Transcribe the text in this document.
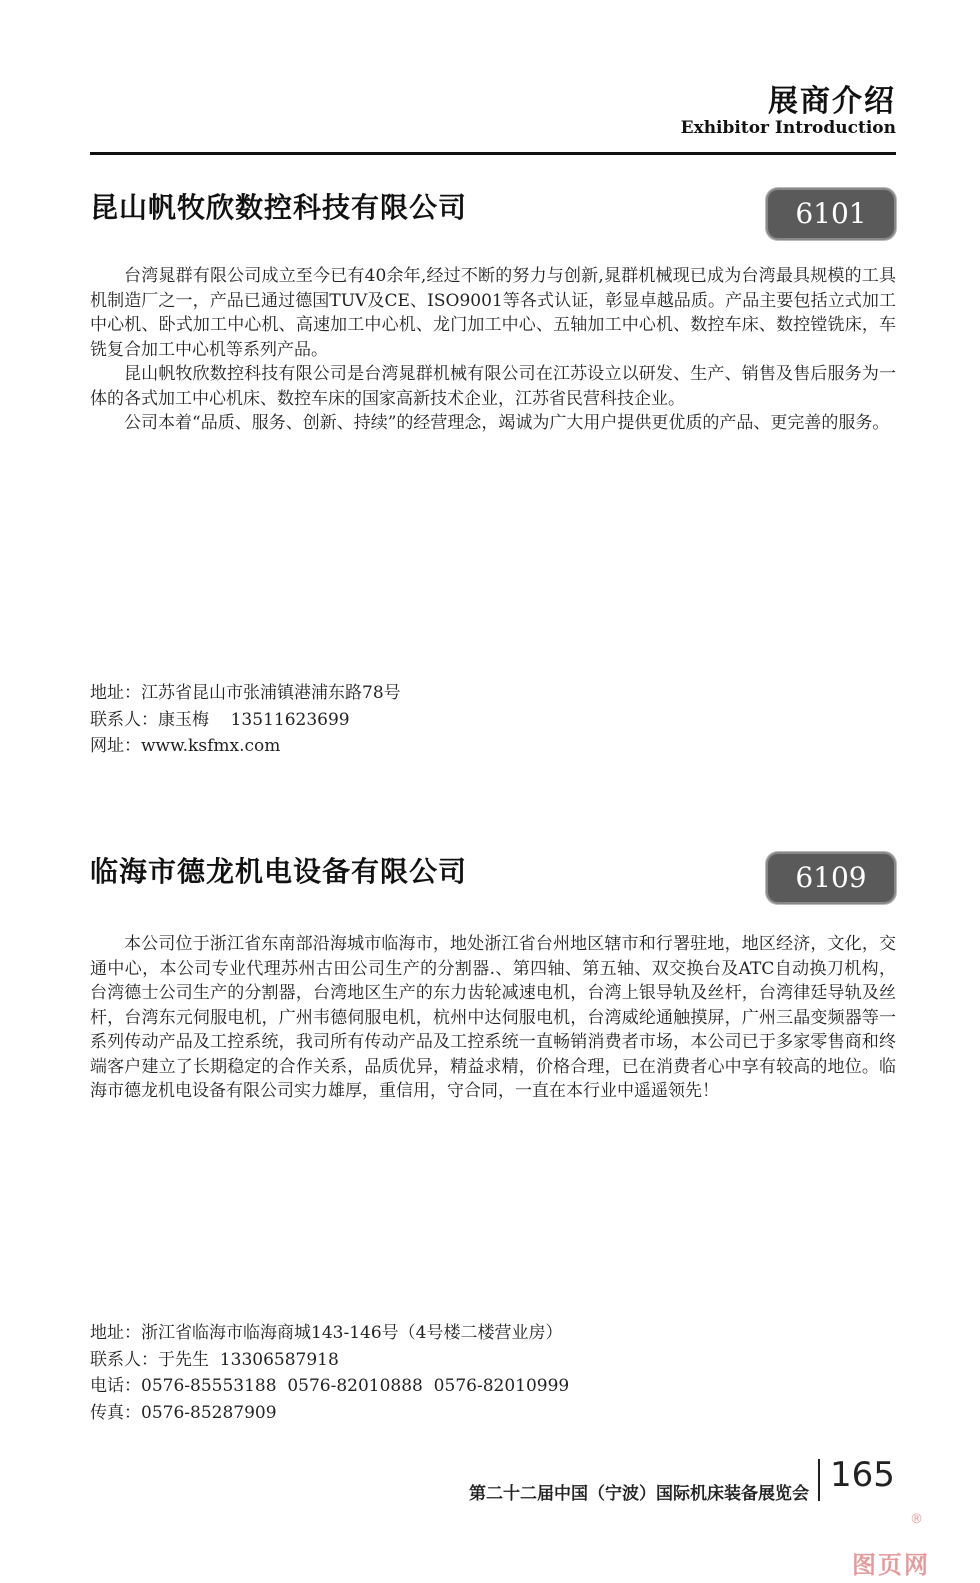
展商介绍
Exhibitor Introduction
昆山帆牧欣数控科技有限公司	6101

台湾晁群有限公司成立至今已有40余年,经过不断的努力与创新,晁群机械现已成为台湾最具规模的工具机制造厂之一，产品已通过德国TUV及CE、ISO9001等各式认证，彰显卓越品质。产品主要包括立式加工中心机、卧式加工中心机、高速加工中心机、龙门加工中心、五轴加工中心机、数控车床、数控镗铣床，车铣复合加工中心机等系列产品。

昆山帆牧欣数控科技有限公司是台湾晁群机械有限公司在江苏设立以研发、生产、销售及售后服务为一体的各式加工中心机床、数控车床的国家高新技术企业，江苏省民营科技企业。

公司本着“品质、服务、创新、持续”的经营理念，竭诚为广大用户提供更优质的产品、更完善的服务。

地址：江苏省昆山市张浦镇港浦东路78号
联系人：康玉梅    13511623699
网址：www.ksfmx.com
临海市德龙机电设备有限公司	6109

本公司位于浙江省东南部沿海城市临海市，地处浙江省台州地区辖市和行署驻地，地区经济，文化，交通中心，本公司专业代理苏州古田公司生产的分割器.、第四轴、第五轴、双交换台及ATC自动换刀机构，台湾德士公司生产的分割器，台湾地区生产的东力齿轮减速电机，台湾上银导轨及丝杆，台湾律廷导轨及丝杆，台湾东元伺服电机，广州韦德伺服电机，杭州中达伺服电机，台湾威纶通触摸屏，广州三晶变频器等一系列传动产品及工控系统，我司所有传动产品及工控系统一直畅销消费者市场，本公司已于多家零售商和终端客户建立了长期稳定的合作关系，品质优异，精益求精，价格合理，已在消费者心中享有较高的地位。临海市德龙机电设备有限公司实力雄厚，重信用，守合同，一直在本行业中遥遥领先！

地址：浙江省临海市临海商城143-146号（4号楼二楼营业房）
联系人：于先生  13306587918
电话：0576-85553188  0576-82010888  0576-82010999
传真：0576-85287909
第二十二届中国（宁波）国际机床装备展览会 165
®
图页网
